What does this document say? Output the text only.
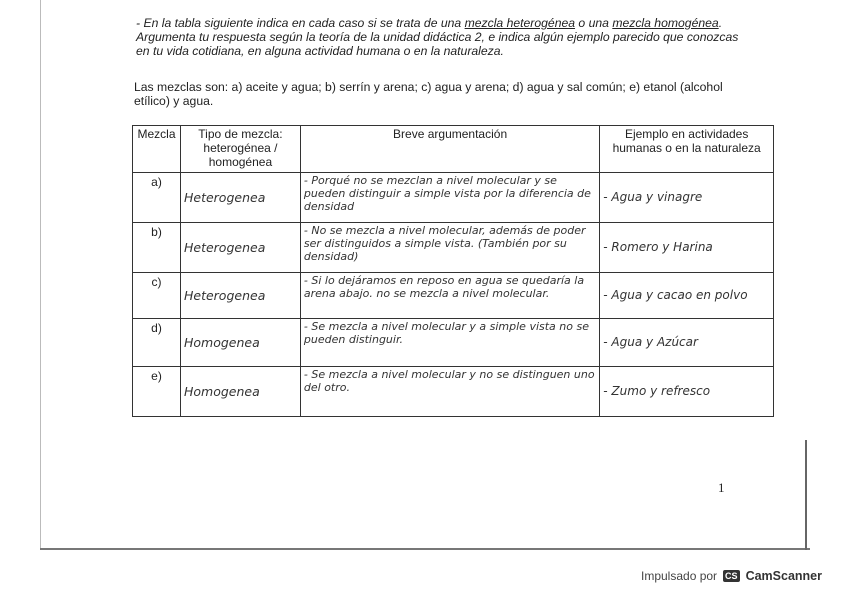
- En la tabla siguiente indica en cada caso si se trata de una mezcla heterogénea o una mezcla homogénea. Argumenta tu respuesta según la teoría de la unidad didáctica 2, e indica algún ejemplo parecido que conozcas en tu vida cotidiana, en alguna actividad humana o en la naturaleza.

Las mezclas son: a) aceite y agua; b) serrín y arena; c) agua y arena; d) agua y sal común; e) etanol (alcohol etílico) y agua.

Mezcla	Tipo de mezcla: heterogénea / homogénea	Breve argumentación	Ejemplo en actividades humanas o en la naturaleza
a)	Heterogenea	- Porqué no se mezclan a nivel molecular y se pueden distinguir a simple vista por la diferencia de densidad	- Agua y vinagre
b)	Heterogenea	- No se mezcla a nivel molecular, además de poder ser distinguidos a simple vista. (También por su densidad)	- Romero y Harina
c)	Heterogenea	- Si lo dejáramos en reposo en agua se quedaría la arena abajo. no se mezcla a nivel molecular.	- Agua y cacao en polvo
d)	Homogenea	- Se mezcla a nivel molecular y a simple vista no se pueden distinguir.	- Agua y Azúcar
e)	Homogenea	- Se mezcla a nivel molecular y no se distinguen uno del otro.	- Zumo y refresco
1
Impulsado por CS CamScanner
